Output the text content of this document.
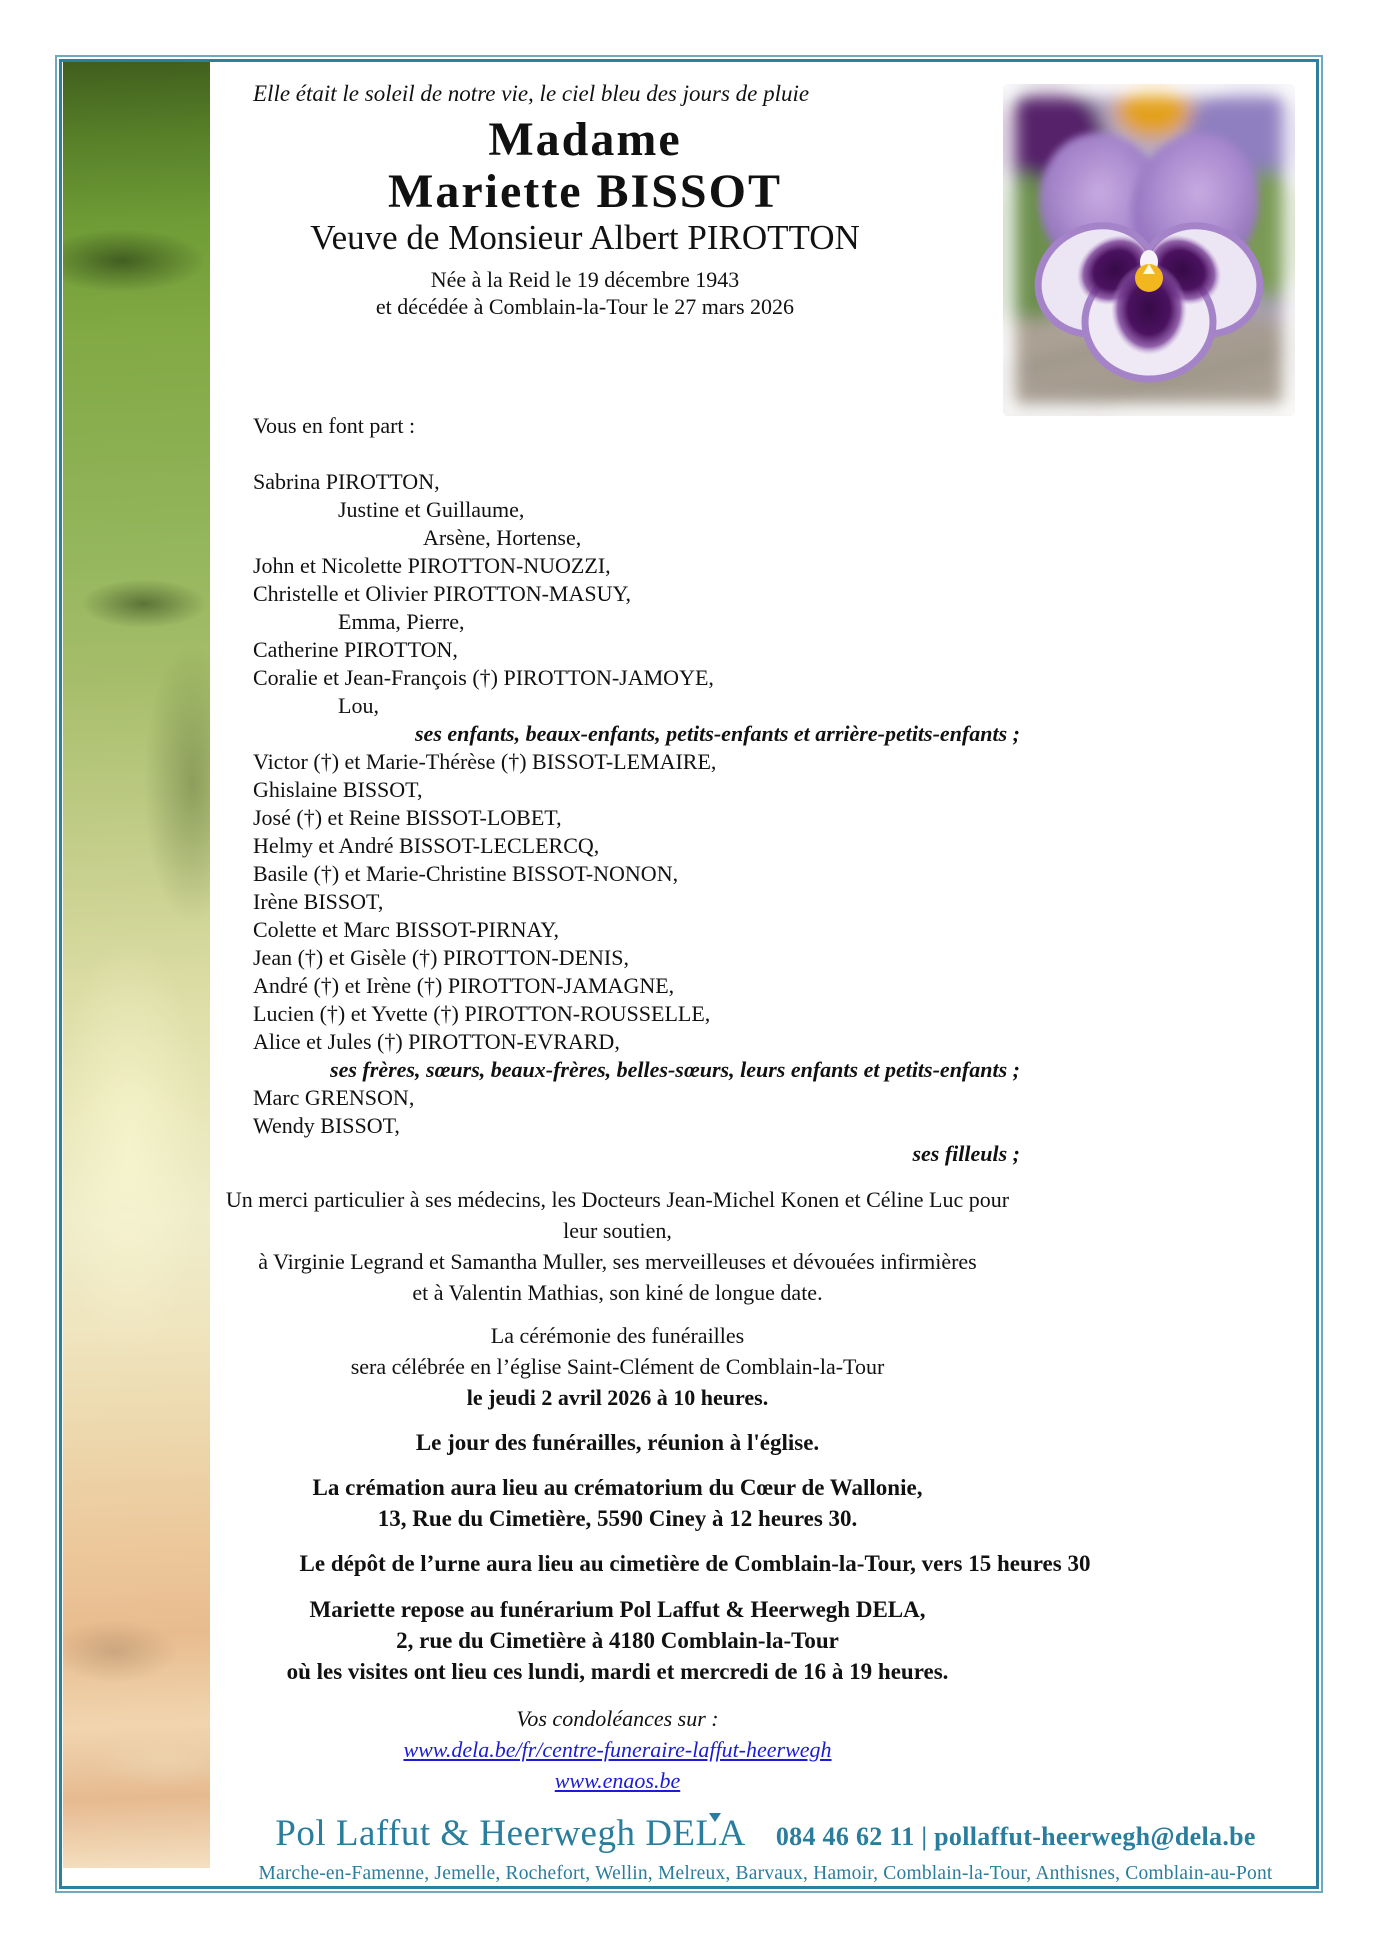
Elle était le soleil de notre vie, le ciel bleu des jours de pluie
Madame
Mariette BISSOT
Veuve de Monsieur Albert PIROTTON
Née à la Reid le 19 décembre 1943
et décédée à Comblain-la-Tour le 27 mars 2026
Vous en font part :
Sabrina PIROTTON,
Justine et Guillaume,
Arsène, Hortense,
John et Nicolette PIROTTON-NUOZZI,
Christelle et Olivier PIROTTON-MASUY,
Emma, Pierre,
Catherine PIROTTON,
Coralie et Jean-François (†) PIROTTON-JAMOYE,
Lou,
ses enfants, beaux-enfants, petits-enfants et arrière-petits-enfants ;
Victor (†) et Marie-Thérèse (†) BISSOT-LEMAIRE,
Ghislaine BISSOT,
José (†) et Reine BISSOT-LOBET,
Helmy et André BISSOT-LECLERCQ,
Basile (†) et Marie-Christine BISSOT-NONON,
Irène BISSOT,
Colette et Marc BISSOT-PIRNAY,
Jean (†) et Gisèle (†) PIROTTON-DENIS,
André (†) et Irène (†) PIROTTON-JAMAGNE,
Lucien (†) et Yvette (†) PIROTTON-ROUSSELLE,
Alice et Jules (†) PIROTTON-EVRARD,
ses frères, sœurs, beaux-frères, belles-sœurs, leurs enfants et petits-enfants ;
Marc GRENSON,
Wendy BISSOT,
ses filleuls ;
Un merci particulier à ses médecins, les Docteurs Jean-Michel Konen et Céline Luc pour leur soutien,
à Virginie Legrand et Samantha Muller, ses merveilleuses et dévouées infirmières
et à Valentin Mathias, son kiné de longue date.
La cérémonie des funérailles
sera célébrée en l’église Saint-Clément de Comblain-la-Tour
le jeudi 2 avril 2026 à 10 heures.
Le jour des funérailles, réunion à l'église.
La crémation aura lieu au crématorium du Cœur de Wallonie,
13, Rue du Cimetière, 5590 Ciney à 12 heures 30.
Le dépôt de l’urne aura lieu au cimetière de Comblain-la-Tour, vers 15 heures 30
Mariette repose au funérarium Pol Laffut & Heerwegh DELA,
2, rue du Cimetière à 4180 Comblain-la-Tour
où les visites ont lieu ces lundi, mardi et mercredi de 16 à 19 heures.
Vos condoléances sur :
www.dela.be/fr/centre-funeraire-laffut-heerwegh
www.enaos.be
Pol Laffut & Heerwegh DELA 084 46 62 11 | pollaffut-heerwegh@dela.be
Marche-en-Famenne, Jemelle, Rochefort, Wellin, Melreux, Barvaux, Hamoir, Comblain-la-Tour, Anthisnes, Comblain-au-Pont
